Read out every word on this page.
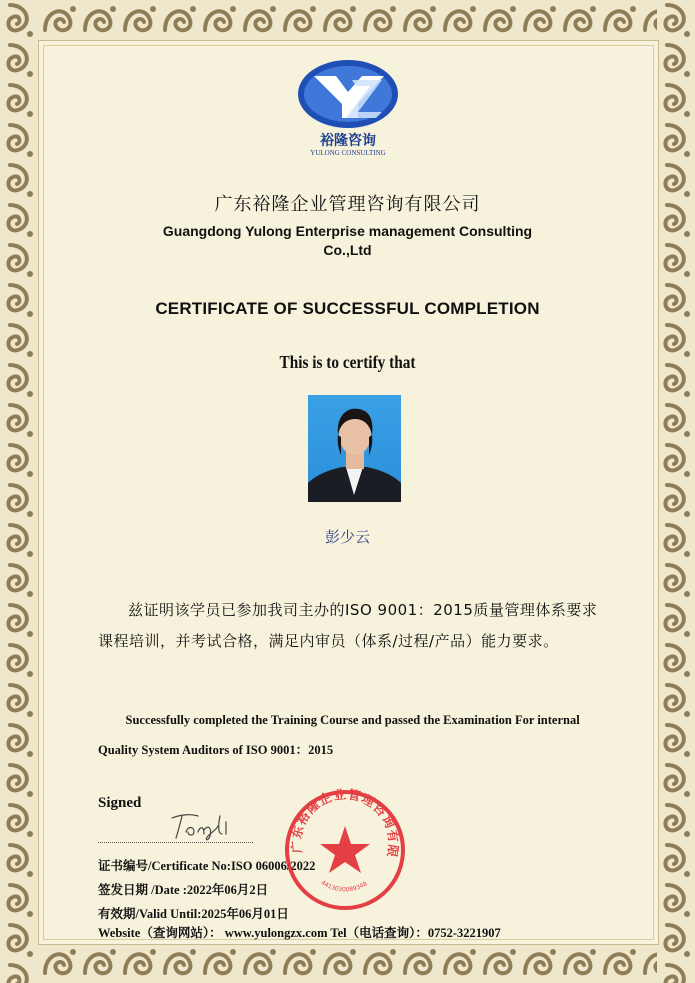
裕隆咨询
YULONG CONSULTING
广东裕隆企业管理咨询有限公司
Guangdong Yulong Enterprise management Consulting
Co.,Ltd
CERTIFICATE OF SUCCESSFUL COMPLETION
This is to certify that
彭少云
兹证明该学员已参加我司主办的ISO 9001：2015质量管理体系要求课程培训，并考试合格，满足内审员（体系/过程/产品）能力要求。
Successfully completed the Training Course and passed the Examination For internal Quality System Auditors of ISO 9001：2015
Signed
证书编号/Certificate No:ISO 06006/2022
签发日期 /Date :2022年06月2日
有效期/Valid Until:2025年06月01日
Website（查询网站）： www.yulongzx.com Tel（电话查询）：0752-3221907
广东裕隆企业管理咨询有限
4413030089348
